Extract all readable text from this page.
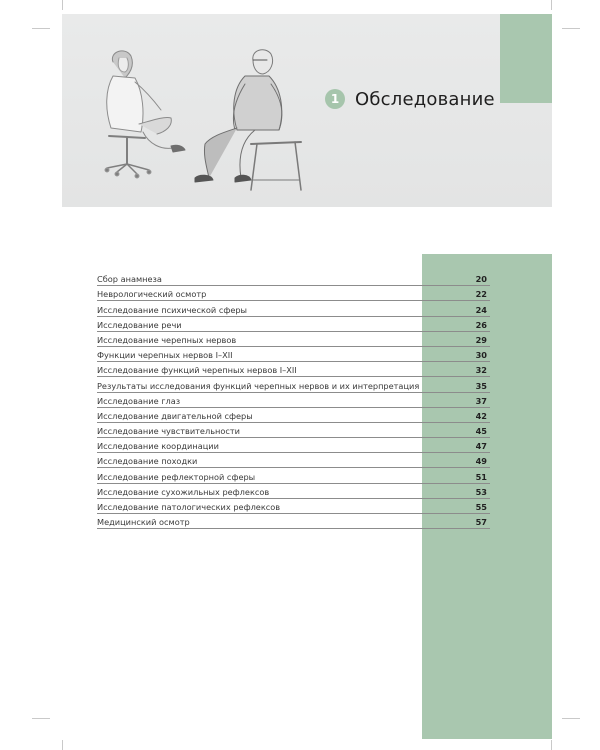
1 Обследование
Сбор анамнеза	20
Неврологический осмотр	22
Исследование психической сферы	24
Исследование речи	26
Исследование черепных нервов	29
Функции черепных нервов I–XII	30
Исследование функций черепных нервов I–XII	32
Результаты исследования функций черепных нервов и их интерпретация	35
Исследование глаз	37
Исследование двигательной сферы	42
Исследование чувствительности	45
Исследование координации	47
Исследование походки	49
Исследование рефлекторной сферы	51
Исследование сухожильных рефлексов	53
Исследование патологических рефлексов	55
Медицинский осмотр	57
